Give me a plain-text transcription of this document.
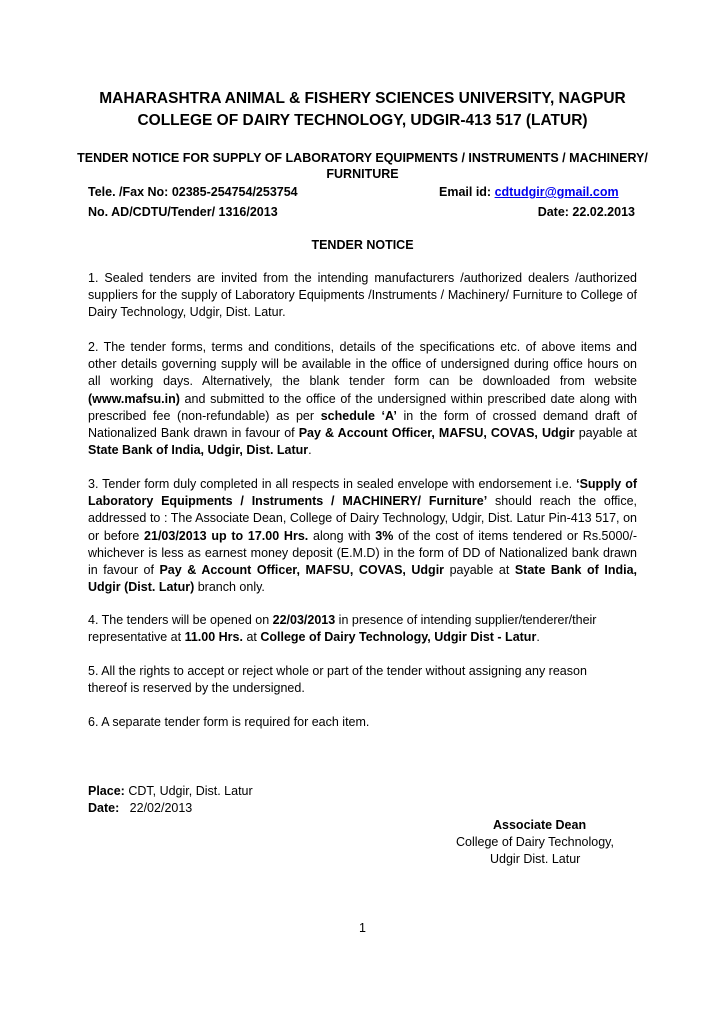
MAHARASHTRA ANIMAL & FISHERY SCIENCES UNIVERSITY, NAGPUR
COLLEGE OF DAIRY TECHNOLOGY, UDGIR-413 517 (LATUR)
TENDER NOTICE FOR SUPPLY OF LABORATORY EQUIPMENTS / INSTRUMENTS / MACHINERY/
FURNITURE
Tele. /Fax No: 02385-254754/253754	Email id: cdtudgir@gmail.com
No. AD/CDTU/Tender/ 1316/2013	Date: 22.02.2013
TENDER NOTICE
1. Sealed tenders are invited from the intending manufacturers /authorized dealers /authorized suppliers for the supply of Laboratory Equipments /Instruments / Machinery/ Furniture to College of Dairy Technology, Udgir, Dist. Latur.
2. The tender forms, terms and conditions, details of the specifications etc. of above items and other details governing supply will be available in the office of undersigned during office hours on all working days. Alternatively, the blank tender form can be downloaded from website (www.mafsu.in) and submitted to the office of the undersigned within prescribed date along with prescribed fee (non-refundable) as per schedule ‘A’ in the form of crossed demand draft of Nationalized Bank drawn in favour of Pay & Account Officer, MAFSU, COVAS, Udgir payable at State Bank of India, Udgir, Dist. Latur.
3. Tender form duly completed in all respects in sealed envelope with endorsement i.e. ‘Supply of Laboratory Equipments / Instruments / MACHINERY/ Furniture’ should reach the office, addressed to : The Associate Dean, College of Dairy Technology, Udgir, Dist. Latur Pin-413 517, on or before 21/03/2013 up to 17.00 Hrs. along with 3% of the cost of items tendered or Rs.5000/- whichever is less as earnest money deposit (E.M.D) in the form of DD of Nationalized bank drawn in favour of Pay & Account Officer, MAFSU, COVAS, Udgir payable at State Bank of India, Udgir (Dist. Latur) branch only.
4. The tenders will be opened on 22/03/2013 in presence of intending supplier/tenderer/their representative at 11.00 Hrs. at College of Dairy Technology, Udgir Dist - Latur.
5. All the rights to accept or reject whole or part of the tender without assigning any reason
thereof is reserved by the undersigned.
6. A separate tender form is required for each item.
Place: CDT, Udgir, Dist. Latur
Date:   22/02/2013
Associate Dean
College of Dairy Technology,
Udgir Dist. Latur
1
